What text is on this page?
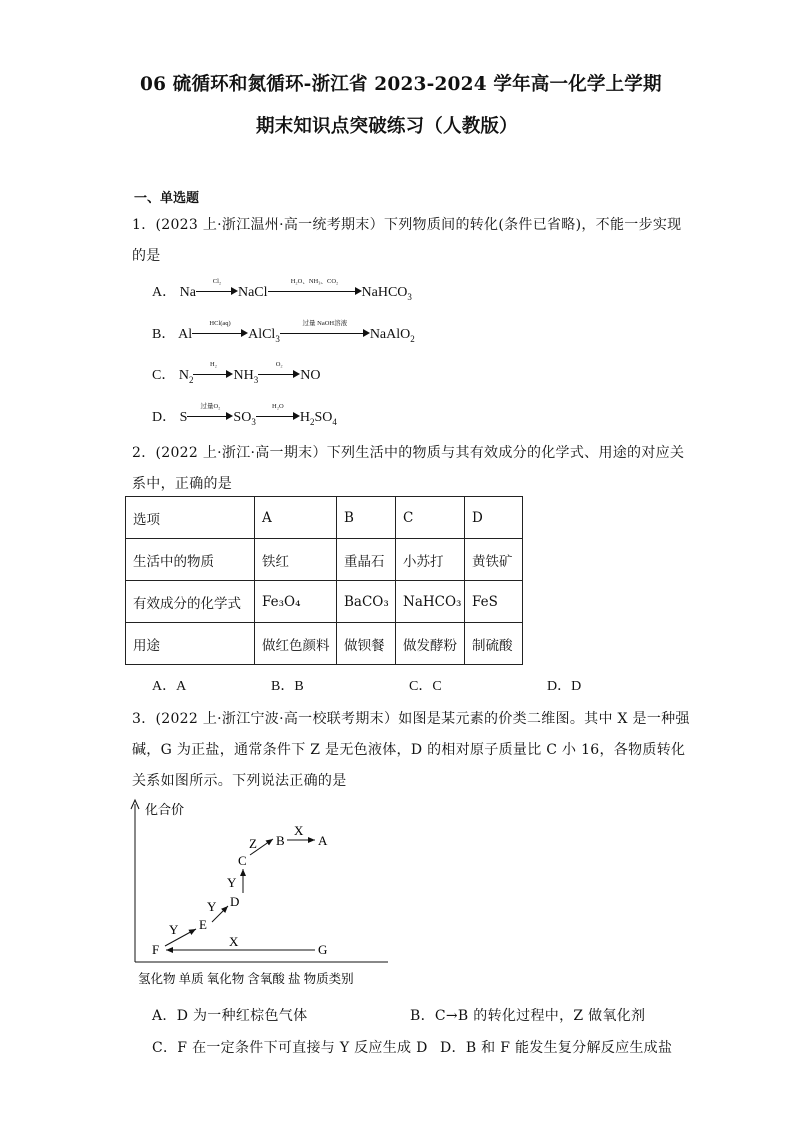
06 硫循环和氮循环-浙江省 2023-2024 学年高一化学上学期
期末知识点突破练习（人教版）
一、单选题
1．(2023 上·浙江温州·高一统考期末）下列物质间的转化(条件已省略)，不能一步实现
的是
A． Na
Cl₂
NaCl
H₂O、NH₃、CO₂
NaHCO$_3$
B． Al
HCl(aq)
AlCl$_3$
过量 NaOH溶液
NaAlO$_2$
C． $N_2$
H₂
$NH_3$
O₂
NO
D． S
过量O₂
$SO_3$
H₂O
$H_2SO_4$
2．(2022 上·浙江·高一期末）下列生活中的物质与其有效成分的化学式、用途的对应关
系中，正确的是
选项	A	B	C	D
生活中的物质	铁红	重晶石	小苏打	黄铁矿
有效成分的化学式	Fe₃O₄	BaCO₃	NaHCO₃	FeS
用途	做红色颜料	做钡餐	做发酵粉	制硫酸
A．A	B．B	C．C	D．D
3．(2022 上·浙江宁波·高一校联考期末）如图是某元素的价类二维图。其中 X 是一种强
碱，G 为正盐，通常条件下 Z 是无色液体，D 的相对原子质量比 C 小 16，各物质转化
关系如图所示。下列说法正确的是
化合价
氢化物 单质 氧化物 含氧酸 盐 物质类别
F
E
D
C
B	A
G
Y
Y
Y
Z
X
X
A．D 为一种红棕色气体	B．C→B 的转化过程中，Z 做氧化剂
C．F 在一定条件下可直接与 Y 反应生成 D D．B 和 F 能发生复分解反应生成盐
